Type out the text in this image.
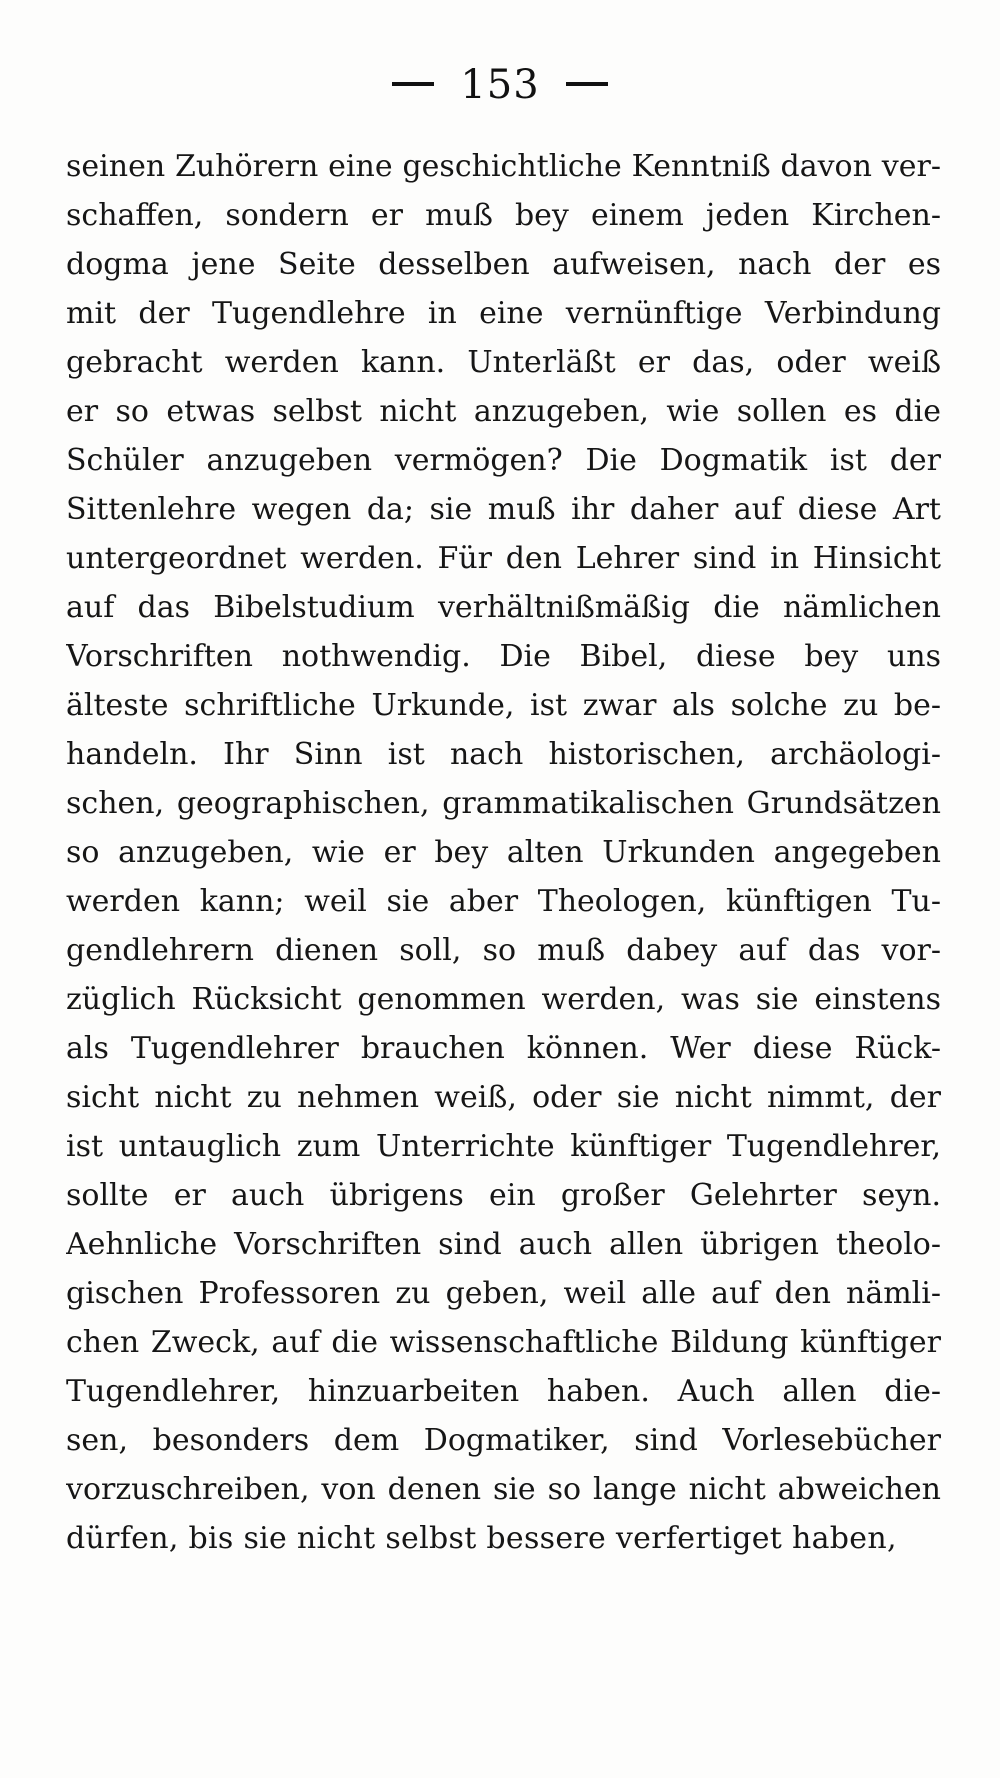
153
seinen Zuhörern eine geschichtliche Kenntniß davon ver-
schaffen, sondern er muß bey einem jeden Kirchen-
dogma jene Seite desselben aufweisen, nach der es
mit der Tugendlehre in eine vernünftige Verbindung
gebracht werden kann. Unterläßt er das, oder weiß
er so etwas selbst nicht anzugeben, wie sollen es die
Schüler anzugeben vermögen? Die Dogmatik ist der
Sittenlehre wegen da; sie muß ihr daher auf diese Art
untergeordnet werden. Für den Lehrer sind in Hinsicht
auf das Bibelstudium verhältnißmäßig die nämlichen
Vorschriften nothwendig. Die Bibel, diese bey uns
älteste schriftliche Urkunde, ist zwar als solche zu be-
handeln. Ihr Sinn ist nach historischen, archäologi-
schen, geographischen, grammatikalischen Grundsätzen
so anzugeben, wie er bey alten Urkunden angegeben
werden kann; weil sie aber Theologen, künftigen Tu-
gendlehrern dienen soll, so muß dabey auf das vor-
züglich Rücksicht genommen werden, was sie einstens
als Tugendlehrer brauchen können. Wer diese Rück-
sicht nicht zu nehmen weiß, oder sie nicht nimmt, der
ist untauglich zum Unterrichte künftiger Tugendlehrer,
sollte er auch übrigens ein großer Gelehrter seyn.
Aehnliche Vorschriften sind auch allen übrigen theolo-
gischen Professoren zu geben, weil alle auf den nämli-
chen Zweck, auf die wissenschaftliche Bildung künftiger
Tugendlehrer, hinzuarbeiten haben. Auch allen die-
sen, besonders dem Dogmatiker, sind Vorlesebücher
vorzuschreiben, von denen sie so lange nicht abweichen
dürfen, bis sie nicht selbst bessere verfertiget haben,
